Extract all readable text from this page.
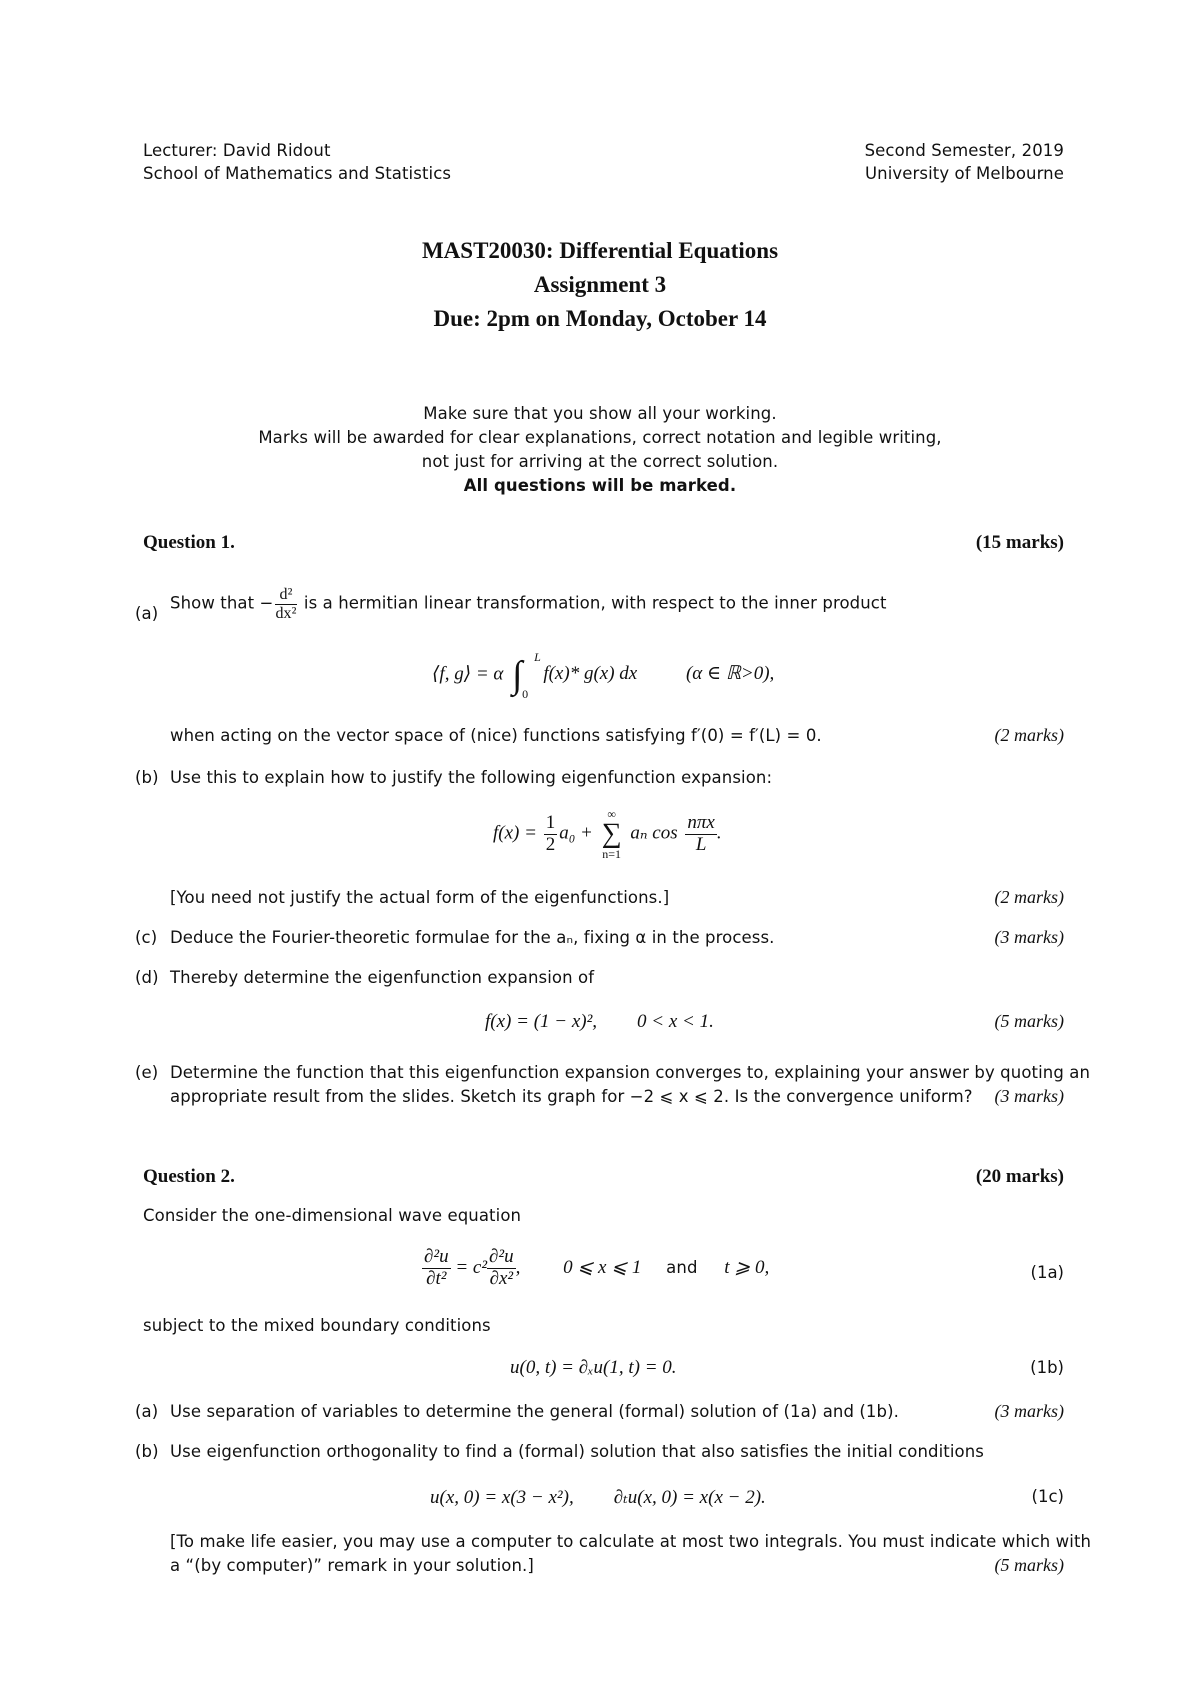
Lecturer: David Ridout
School of Mathematics and Statistics
Second Semester, 2019
University of Melbourne
MAST20030: Differential Equations
Assignment 3
Due: 2pm on Monday, October 14
Make sure that you show all your working.
Marks will be awarded for clear explanations, correct notation and legible writing,
not just for arriving at the correct solution.
All questions will be marked.
Question 1.	(15 marks)
(a)
Show that − $\frac{\text{d²}}{\text{dx²}}$ is a hermitian linear transformation, with respect to the inner product
⟨f, g⟩ = α ∫ L
0
f(x)* g(x) dx	(α ∈ ℝ>0),
when acting on the vector space of (nice) functions satisfying f′(0) = f′(L) = 0.	(2 marks)
(b) Use this to explain how to justify the following eigenfunction expansion:
$f(x) = \frac{1}{2} a_0$ +
∞
∑
n=1
aₙ $\cos \frac{\text{nπx}}{L}$ .
[You need not justify the actual form of the eigenfunctions.]	(2 marks)
(c) Deduce the Fourier-theoretic formulae for the aₙ, fixing α in the process.	(3 marks)
(d) Thereby determine the eigenfunction expansion of
f(x) = (1 − x)², 0 < x < 1.	(5 marks)
(e) Determine the function that this eigenfunction expansion converges to, explaining your answer by quoting an
appropriate result from the slides. Sketch its graph for −2 ⩽ x ⩽ 2. Is the convergence uniform? (3 marks)
Question 2.	(20 marks)
Consider the one-dimensional wave equation
$\frac{\text{∂²u}}{\text{∂t²}} = c^2 \frac{\text{∂²u}}{\text{∂x²}}$ , 0 ⩽ x ⩽ 1 and t ⩾ 0,	(1a)
subject to the mixed boundary conditions
u(0, t) = ∂ₓu(1, t) = 0.	(1b)
(a) Use separation of variables to determine the general (formal) solution of (1a) and (1b).	(3 marks)
(b) Use eigenfunction orthogonality to find a (formal) solution that also satisfies the initial conditions
u(x, 0) = x(3 − x²), ∂ₜu(x, 0) = x(x − 2).	(1c)
[To make life easier, you may use a computer to calculate at most two integrals. You must indicate which with
a “(by computer)” remark in your solution.]	(5 marks)
